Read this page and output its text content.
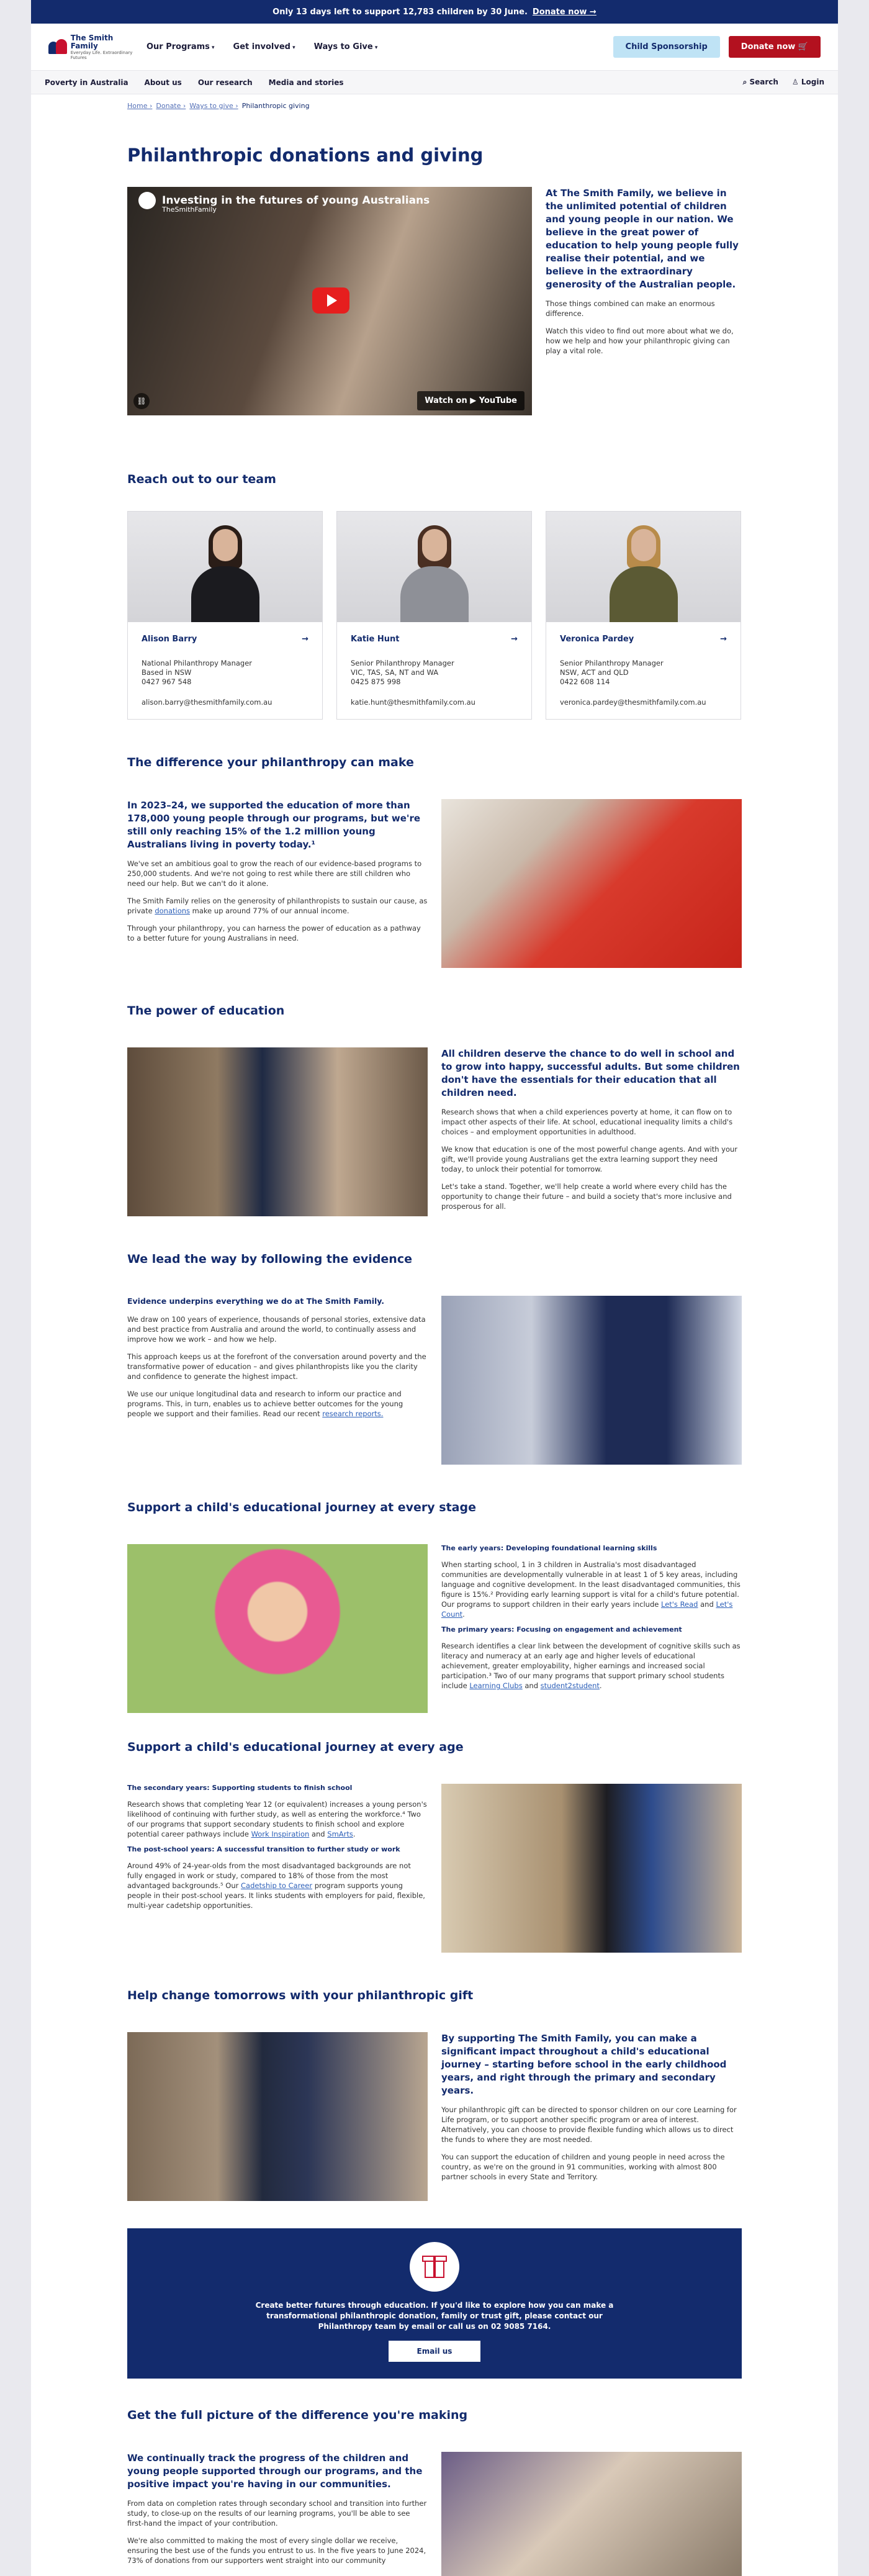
Only 13 days left to support 12,783 children by 30 June. Donate now →
The Smith Family
Everyday Life. Extraordinary Futures
Our Programs ▾	Get involved ▾	Ways to Give ▾	Child Sponsorship	Donate now 🛒
Poverty in Australia About us Our research Media and stories	⌕ Search ♙ Login
Home › Donate › Ways to give › Philanthropic giving
Philanthropic donations and giving
Investing in the futures of young Australians
TheSmithFamily
⛓	Watch on ▶ YouTube

At The Smith Family, we believe in the unlimited potential of children and young people in our nation. We believe in the great power of education to help young people fully realise their potential, and we believe in the extraordinary generosity of the Australian people.

Those things combined can make an enormous difference.

Watch this video to find out more about what we do, how we help and how your philanthropic giving can play a vital role.

Reach out to our team
Alison Barry	→
National Philanthropy Manager
Based in NSW
0427 967 548
alison.barry@thesmithfamily.com.au
Katie Hunt	→
Senior Philanthropy Manager
VIC, TAS, SA, NT and WA
0425 875 998
katie.hunt@thesmithfamily.com.au
Veronica Pardey	→
Senior Philanthropy Manager
NSW, ACT and QLD
0422 608 114
veronica.pardey@thesmithfamily.com.au
The difference your philanthropy can make

In 2023–24, we supported the education of more than 178,000 young people through our programs, but we're still only reaching 15% of the 1.2 million young Australians living in poverty today.¹

We've set an ambitious goal to grow the reach of our evidence-based programs to 250,000 students. And we're not going to rest while there are still children who need our help. But we can't do it alone.

The Smith Family relies on the generosity of philanthropists to sustain our cause, as private donations make up around 77% of our annual income.

Through your philanthropy, you can harness the power of education as a pathway to a better future for young Australians in need.

The power of education

All children deserve the chance to do well in school and to grow into happy, successful adults. But some children don't have the essentials for their education that all children need.

Research shows that when a child experiences poverty at home, it can flow on to impact other aspects of their life. At school, educational inequality limits a child's choices – and employment opportunities in adulthood.

We know that education is one of the most powerful change agents. And with your gift, we'll provide young Australians get the extra learning support they need today, to unlock their potential for tomorrow.

Let's take a stand. Together, we'll help create a world where every child has the opportunity to change their future – and build a society that's more inclusive and prosperous for all.

We lead the way by following the evidence

Evidence underpins everything we do at The Smith Family.

We draw on 100 years of experience, thousands of personal stories, extensive data and best practice from Australia and around the world, to continually assess and improve how we work – and how we help.

This approach keeps us at the forefront of the conversation around poverty and the transformative power of education – and gives philanthropists like you the clarity and confidence to generate the highest impact.

We use our unique longitudinal data and research to inform our practice and programs. This, in turn, enables us to achieve better outcomes for the young people we support and their families. Read our recent research reports.

Support a child's educational journey at every stage

The early years: Developing foundational learning skills

When starting school, 1 in 3 children in Australia's most disadvantaged communities are developmentally vulnerable in at least 1 of 5 key areas, including language and cognitive development. In the least disadvantaged communities, this figure is 15%.² Providing early learning support is vital for a child's future potential. Our programs to support children in their early years include Let's Read and Let's Count.

The primary years: Focusing on engagement and achievement

Research identifies a clear link between the development of cognitive skills such as literacy and numeracy at an early age and higher levels of educational achievement, greater employability, higher earnings and increased social participation.³ Two of our many programs that support primary school students include Learning Clubs and student2student.

Support a child's educational journey at every age

The secondary years: Supporting students to finish school

Research shows that completing Year 12 (or equivalent) increases a young person's likelihood of continuing with further study, as well as entering the workforce.⁴ Two of our programs that support secondary students to finish school and explore potential career pathways include Work Inspiration and SmArts.

The post-school years: A successful transition to further study or work

Around 49% of 24-year-olds from the most disadvantaged backgrounds are not fully engaged in work or study, compared to 18% of those from the most advantaged backgrounds.⁵ Our Cadetship to Career program supports young people in their post-school years. It links students with employers for paid, flexible, multi-year cadetship opportunities.

Help change tomorrows with your philanthropic gift

By supporting The Smith Family, you can make a significant impact throughout a child's educational journey – starting before school in the early childhood years, and right through the primary and secondary years.

Your philanthropic gift can be directed to sponsor children on our core Learning for Life program, or to support another specific program or area of interest. Alternatively, you can choose to provide flexible funding which allows us to direct the funds to where they are most needed.

You can support the education of children and young people in need across the country, as we're on the ground in 91 communities, working with almost 800 partner schools in every State and Territory.

Create better futures through education. If you'd like to explore how you can make a transformational philanthropic donation, family or trust gift, please contact our Philanthropy team by email or call us on 02 9085 7164.

Email us
Get the full picture of the difference you're making

We continually track the progress of the children and young people supported through our programs, and the positive impact you're having in our communities.

From data on completion rates through secondary school and transition into further study, to close-up on the results of our learning programs, you'll be able to see first-hand the impact of your contribution.

We're also committed to making the most of every single dollar we receive, ensuring the best use of the funds you entrust to us. In the five years to June 2024, 73% of donations from our supporters went straight into our community
